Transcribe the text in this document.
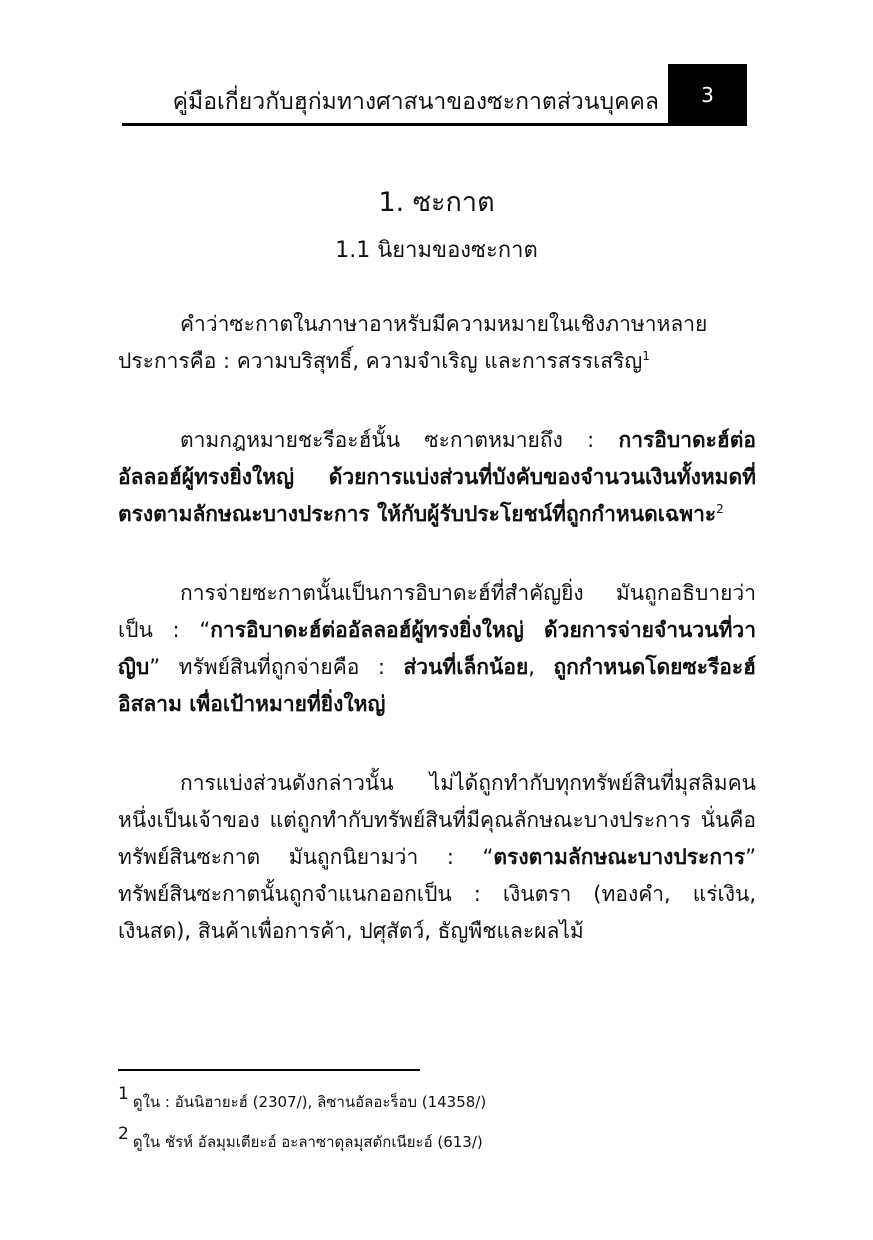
คู่มือเกี่ยวกับฮุก่มทางศาสนาของซะกาตส่วนบุคคล 3
1. ซะกาต
1.1 นิยามของซะกาต

คำว่าซะกาตในภาษาอาหรับมีความหมายในเชิงภาษาหลายประการคือ : ความบริสุทธิ์, ความจำเริญ และการสรรเสริญ$^1$

ตามกฎหมายชะรีอะฮ์นั้น ซะกาตหมายถึง : การอิบาดะฮ์ต่ออัลลอฮ์ผู้ทรงยิ่งใหญ่ ด้วยการแบ่งส่วนที่บังคับของจำนวนเงินทั้งหมดที่ตรงตามลักษณะบางประการ ให้กับผู้รับประโยชน์ที่ถูกกำหนดเฉพาะ$^2$

การจ่ายซะกาตนั้นเป็นการอิบาดะฮ์ที่สำคัญยิ่ง มันถูกอธิบายว่าเป็น : “การอิบาดะฮ์ต่ออัลลอฮ์ผู้ทรงยิ่งใหญ่ ด้วยการจ่ายจำนวนที่วาญิบ” ทรัพย์สินที่ถูกจ่ายคือ : ส่วนที่เล็กน้อย, ถูกกำหนดโดยซะรีอะฮ์อิสลาม เพื่อเป้าหมายที่ยิ่งใหญ่

การแบ่งส่วนดังกล่าวนั้น ไม่ได้ถูกทำกับทุกทรัพย์สินที่มุสลิมคนหนึ่งเป็นเจ้าของ แต่ถูกทำกับทรัพย์สินที่มีคุณลักษณะบางประการ นั่นคือ ทรัพย์สินซะกาต มันถูกนิยามว่า : “ตรงตามลักษณะบางประการ” ทรัพย์สินซะกาตนั้นถูกจำแนกออกเป็น : เงินตรา (ทองคำ, แร่เงิน, เงินสด), สินค้าเพื่อการค้า, ปศุสัตว์, ธัญพืชและผลไม้

1 ดูใน : อันนิฮายะฮ์ (2307/), ลิซานอัลอะร็อบ (14358/)
2 ดูใน ชัรห์ อัลมุมเตียะอ์ อะลาซาดุลมุสตักเนียะอ์ (613/)
